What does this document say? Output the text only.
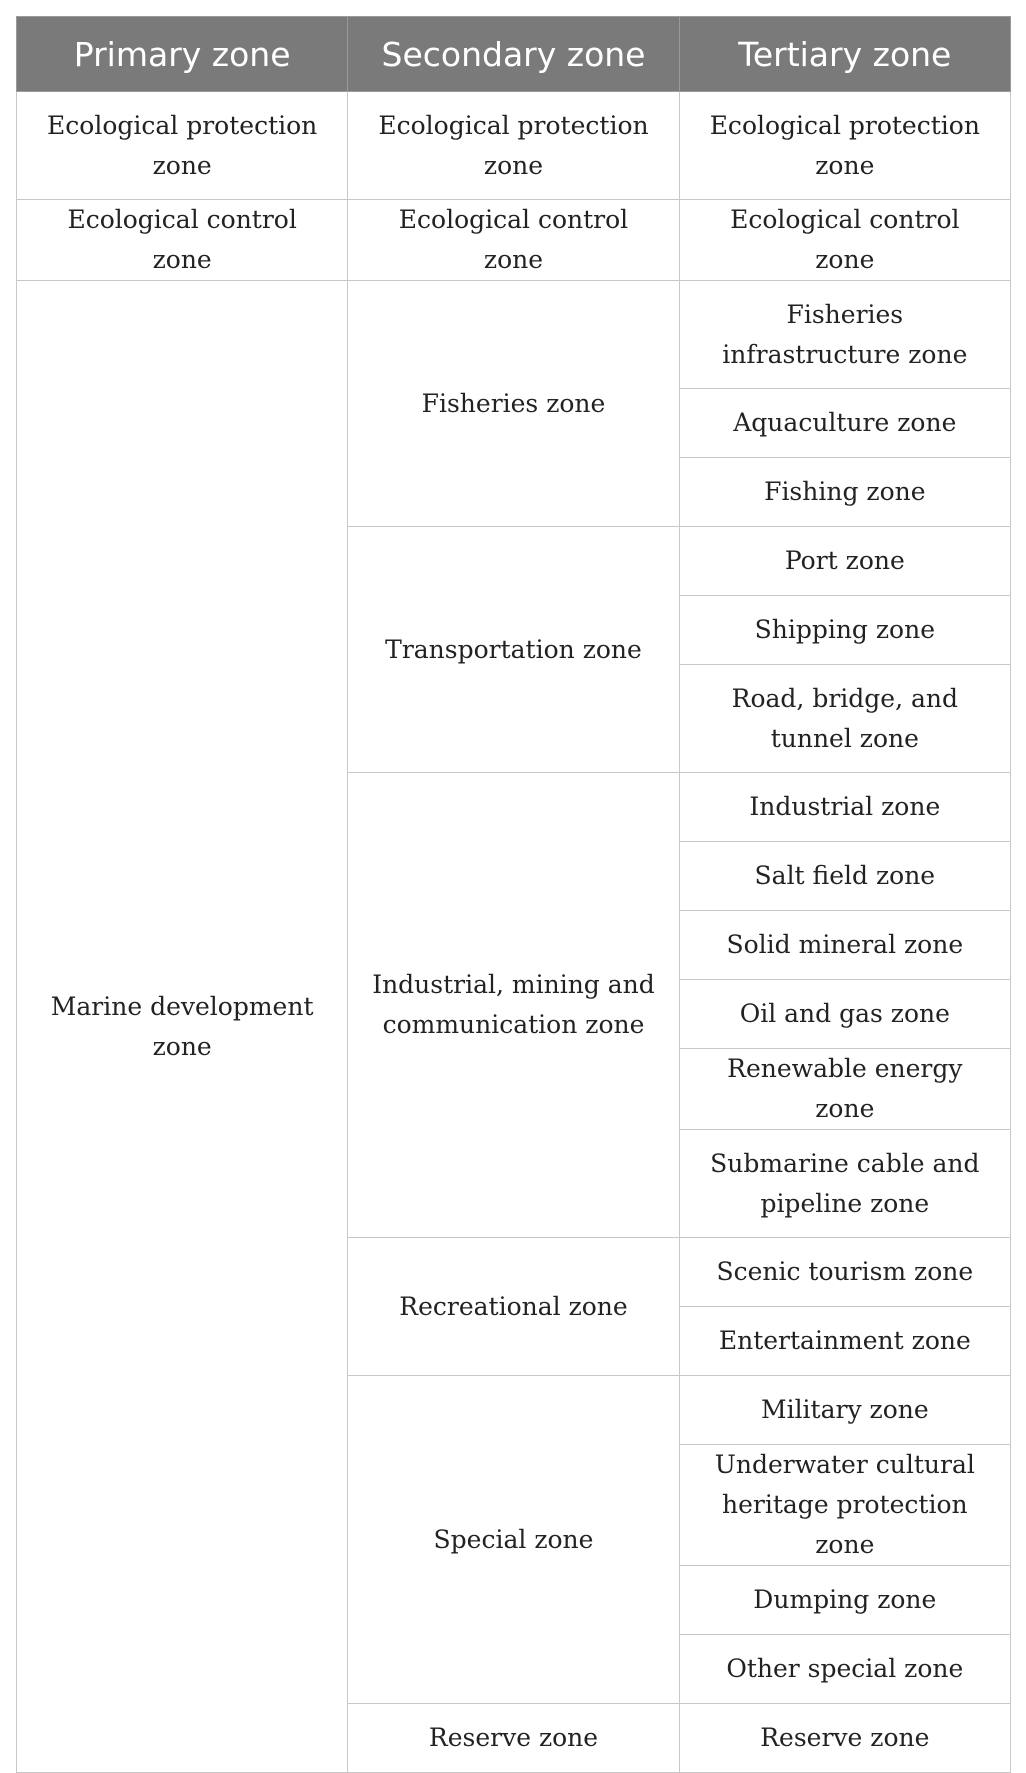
Primary zone	Secondary zone	Tertiary zone
Ecological protection zone	Ecological protection zone	Ecological protection zone
Ecological control zone	Ecological control zone	Ecological control zone
Marine development zone	Fisheries zone	Fisheries infrastructure zone
		Aquaculture zone
		Fishing zone
	Transportation zone	Port zone
		Shipping zone
		Road, bridge, and tunnel zone
	Industrial, mining and communication zone	Industrial zone
		Salt field zone
		Solid mineral zone
		Oil and gas zone
		Renewable energy zone
		Submarine cable and pipeline zone
	Recreational zone	Scenic tourism zone
		Entertainment zone
	Special zone	Military zone
		Underwater cultural heritage protection zone
		Dumping zone
		Other special zone
	Reserve zone	Reserve zone
